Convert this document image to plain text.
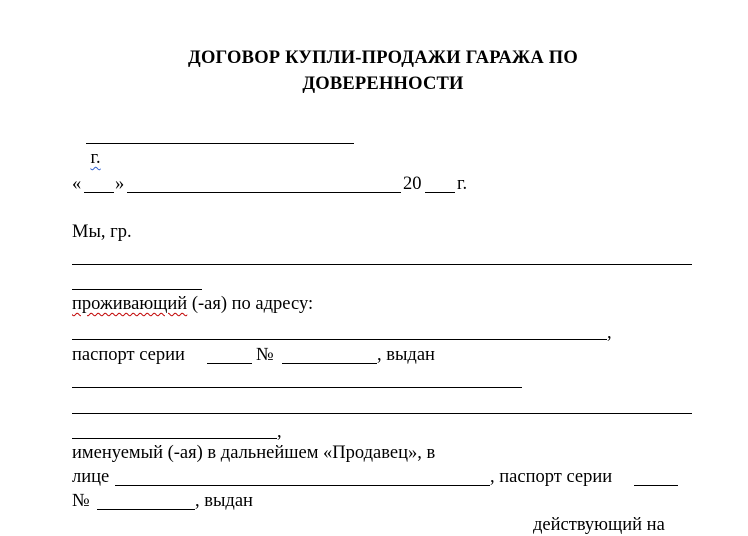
ДОГОВОР КУПЛИ-ПРОДАЖИ ГАРАЖА ПО
ДОВЕРЕННОСТИ

г.

« »	20 г.
Мы, гр.
проживающий (-ая) по адресу:
,
паспорт серии	№	, выдан
,
именуемый (-ая) в дальнейшем «Продавец», в
лице	, паспорт серии
№	, выдан
действующий на
